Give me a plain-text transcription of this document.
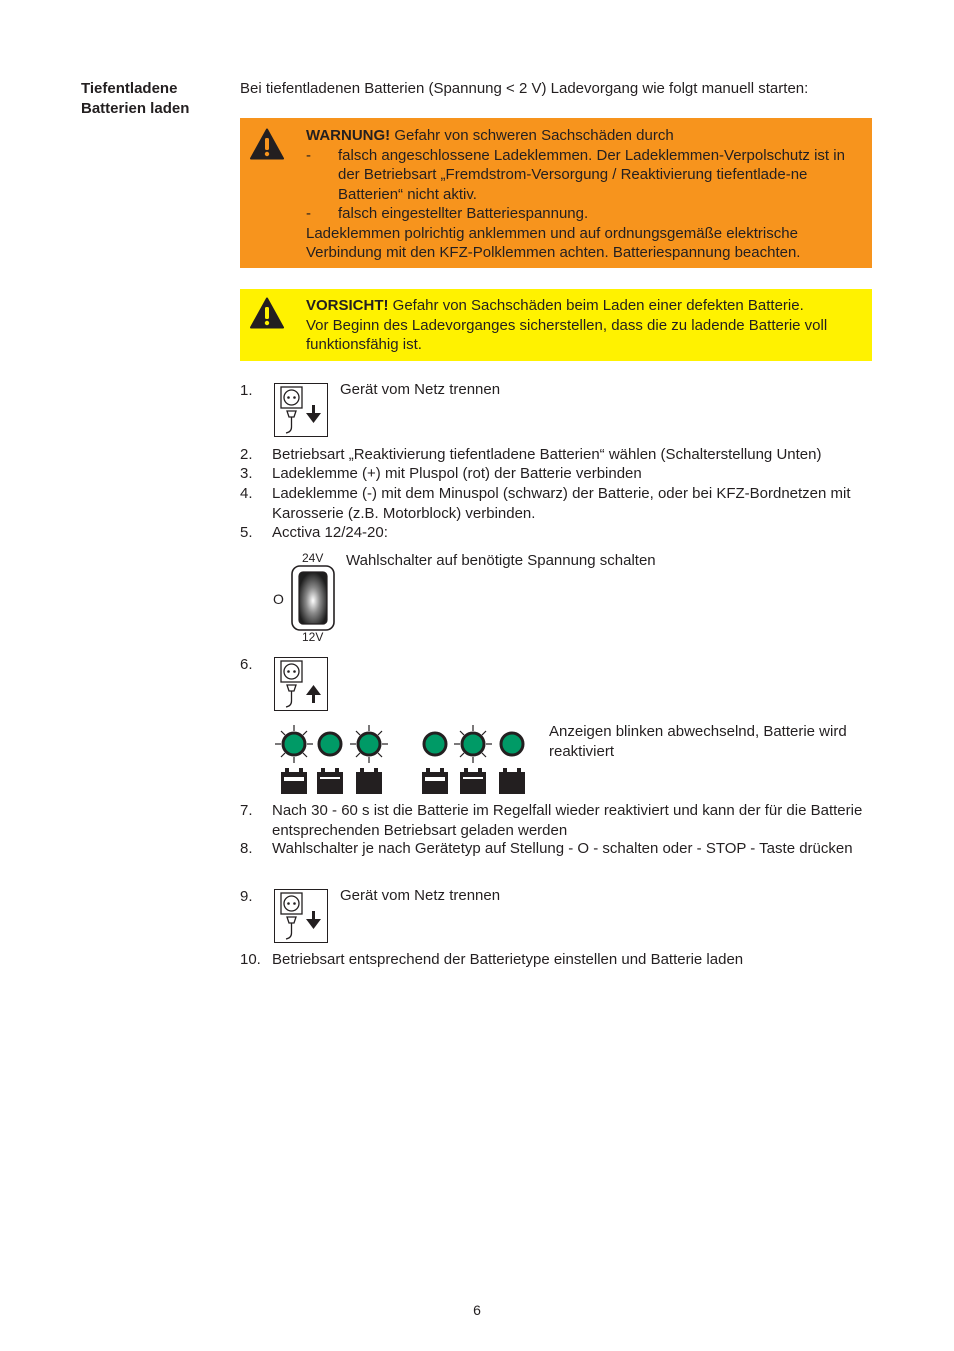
Tiefentladene
Batterien laden
Bei tiefentladenen Batterien (Spannung < 2 V) Ladevorgang wie folgt manuell starten:
WARNUNG! Gefahr von schweren Sachschäden durch
- falsch angeschlossene Ladeklemmen. Der Ladeklemmen-Verpolschutz ist in der Betriebsart „Fremdstrom-Versorgung / Reaktivierung tiefentlade-ne Batterien“ nicht aktiv.
- falsch eingestellter Batteriespannung.
Ladeklemmen polrichtig anklemmen und auf ordnungsgemäße elektrische Verbindung mit den KFZ-Polklemmen achten. Batteriespannung beachten.
VORSICHT! Gefahr von Sachschäden beim Laden einer defekten Batterie.
Vor Beginn des Ladevorganges sicherstellen, dass die zu ladende Batterie voll funktionsfähig ist.
1.	Gerät vom Netz trennen
2. Betriebsart „Reaktivierung tiefentladene Batterien“ wählen (Schalterstellung Unten)
3. Ladeklemme (+) mit Pluspol (rot) der Batterie verbinden
4. Ladeklemme (-) mit dem Minuspol (schwarz) der Batterie, oder bei KFZ-Bordnetzen mit Karosserie (z.B. Motorblock) verbinden.
5. Acctiva 12/24-20:
24V
O
12V
Wahlschalter auf benötigte Spannung schalten
6.
Anzeigen blinken abwechselnd, Batterie wird reaktiviert
7. Nach 30 - 60 s ist die Batterie im Regelfall wieder reaktiviert und kann der für die Batterie entsprechenden Betriebsart geladen werden
8. Wahlschalter je nach Gerätetyp auf Stellung - O - schalten oder - STOP - Taste drücken
9.	Gerät vom Netz trennen
10. Betriebsart entsprechend der Batterietype einstellen und Batterie laden
6
